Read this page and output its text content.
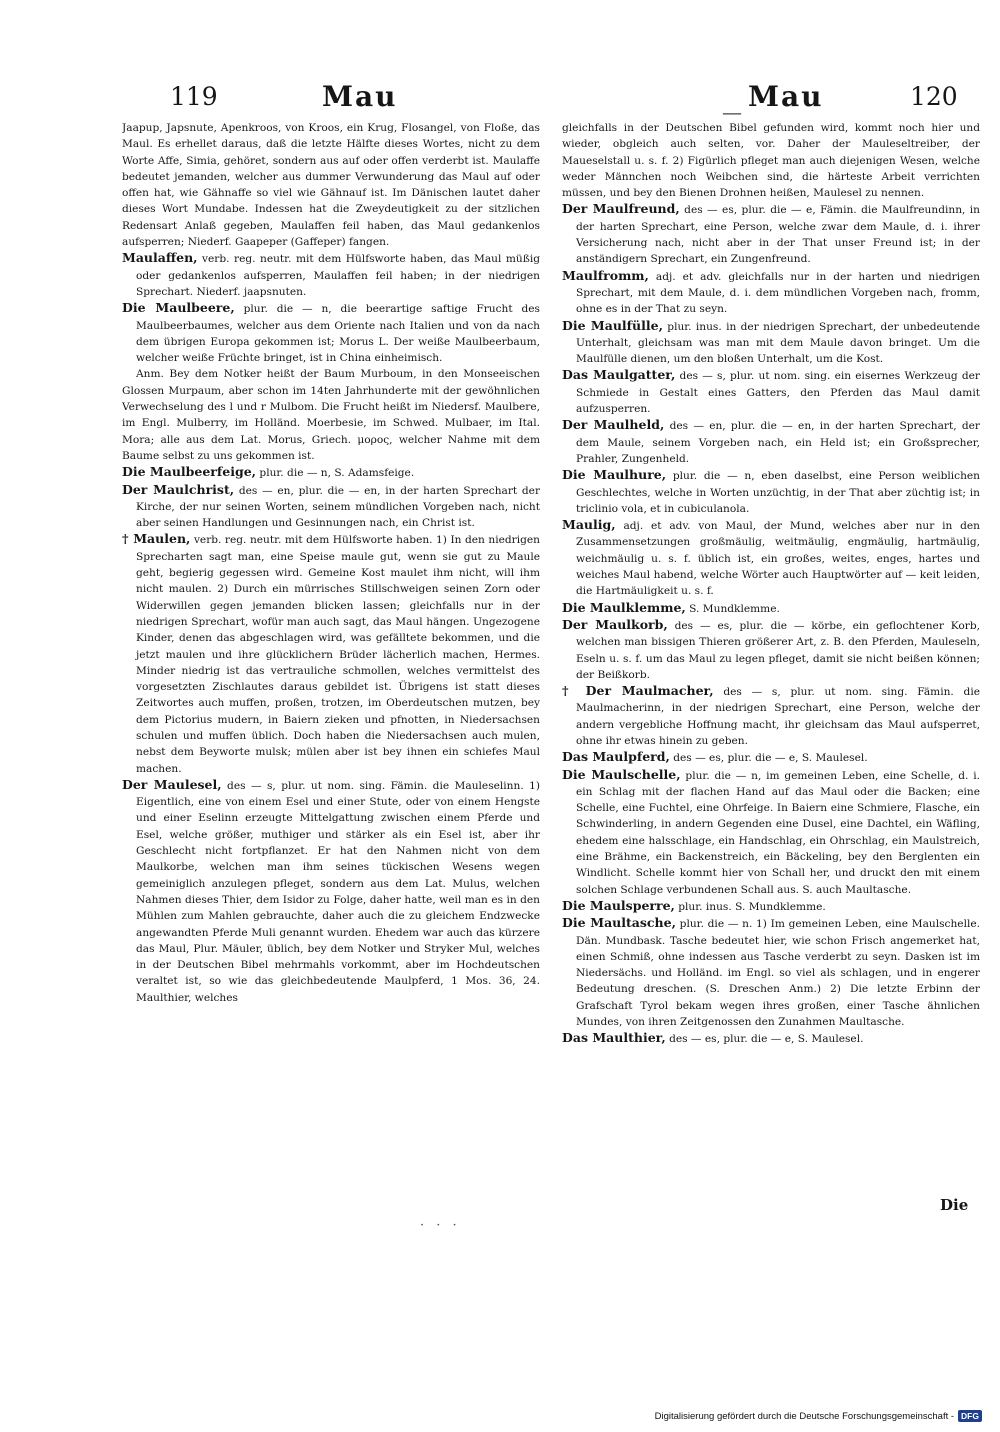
119	Mau	— Mau	120

Jaapup, Japsnute, Apenkroos, von Kroos, ein Krug, Flosangel, von Floße, das Maul. Es erhellet daraus, daß die letzte Hälfte dieses Wortes, nicht zu dem Worte Affe, Simia, gehöret, sondern aus auf oder offen verderbt ist. Maulaffe bedeutet jemanden, welcher aus dummer Verwunderung das Maul auf oder offen hat, wie Gähnaffe so viel wie Gähnauf ist. Im Dänischen lautet daher dieses Wort Mundabe. Indessen hat die Zweydeutigkeit zu der sitzlichen Redensart Anlaß gegeben, Maulaffen feil haben, das Maul gedankenlos aufsperren; Niederf. Gaapeper (Gaffeper) fangen.

Maulaffen, verb. reg. neutr. mit dem Hülfsworte haben, das Maul müßig oder gedankenlos aufsperren, Maulaffen feil haben; in der niedrigen Sprechart. Niederf. jaapsnuten.

Die Maulbeere, plur. die — n, die beerartige saftige Frucht des Maulbeerbaumes, welcher aus dem Oriente nach Italien und von da nach dem übrigen Europa gekommen ist; Morus L. Der weiße Maulbeerbaum, welcher weiße Früchte bringet, ist in China einheimisch.

Anm. Bey dem Notker heißt der Baum Murboum, in den Monseeischen Glossen Murpaum, aber schon im 14ten Jahrhunderte mit der gewöhnlichen Verwechselung des l und r Mulbom. Die Frucht heißt im Niedersf. Maulbere, im Engl. Mulberry, im Holländ. Moerbesie, im Schwed. Mulbaer, im Ital. Mora; alle aus dem Lat. Morus, Griech. μορος, welcher Nahme mit dem Baume selbst zu uns gekommen ist.

Die Maulbeerfeige, plur. die — n, S. Adamsfeige.

Der Maulchrist, des — en, plur. die — en, in der harten Sprechart der Kirche, der nur seinen Worten, seinem mündlichen Vorgeben nach, nicht aber seinen Handlungen und Gesinnungen nach, ein Christ ist.

† Maulen, verb. reg. neutr. mit dem Hülfsworte haben. 1) In den niedrigen Sprecharten sagt man, eine Speise maule gut, wenn sie gut zu Maule geht, begierig gegessen wird. Gemeine Kost maulet ihm nicht, will ihm nicht maulen. 2) Durch ein mürrisches Stillschweigen seinen Zorn oder Widerwillen gegen jemanden blicken lassen; gleichfalls nur in der niedrigen Sprechart, wofür man auch sagt, das Maul hängen. Ungezogene Kinder, denen das abgeschlagen wird, was gefälltete bekommen, und die jetzt maulen und ihre glücklichern Brüder lächerlich machen, Hermes. Minder niedrig ist das vertrauliche schmollen, welches vermittelst des vorgesetzten Zischlautes daraus gebildet ist. Übrigens ist statt dieses Zeitwortes auch muffen, proßen, trotzen, im Oberdeutschen mutzen, bey dem Pictorius mudern, in Baiern zieken und pfnotten, in Niedersachsen schulen und muffen üblich. Doch haben die Niedersachsen auch mulen, nebst dem Beyworte mulsk; mülen aber ist bey ihnen ein schiefes Maul machen.

Der Maulesel, des — s, plur. ut nom. sing. Fämin. die Mauleselinn. 1) Eigentlich, eine von einem Esel und einer Stute, oder von einem Hengste und einer Eselinn erzeugte Mittelgattung zwischen einem Pferde und Esel, welche größer, muthiger und stärker als ein Esel ist, aber ihr Geschlecht nicht fortpflanzet. Er hat den Nahmen nicht von dem Maulkorbe, welchen man ihm seines tückischen Wesens wegen gemeiniglich anzulegen pfleget, sondern aus dem Lat. Mulus, welchen Nahmen dieses Thier, dem Isidor zu Folge, daher hatte, weil man es in den Mühlen zum Mahlen gebrauchte, daher auch die zu gleichem Endzwecke angewandten Pferde Muli genannt wurden. Ehedem war auch das kürzere das Maul, Plur. Mäuler, üblich, bey dem Notker und Stryker Mul, welches in der Deutschen Bibel mehrmahls vorkommt, aber im Hochdeutschen veraltet ist, so wie das gleichbedeutende Maulpferd, 1 Mos. 36, 24. Maulthier, welches

gleichfalls in der Deutschen Bibel gefunden wird, kommt noch hier und wieder, obgleich auch selten, vor. Daher der Mauleseltreiber, der Maueselstall u. s. f. 2) Figürlich pfleget man auch diejenigen Wesen, welche weder Männchen noch Weibchen sind, die härteste Arbeit verrichten müssen, und bey den Bienen Drohnen heißen, Maulesel zu nennen.

Der Maulfreund, des — es, plur. die — e, Fämin. die Maulfreundinn, in der harten Sprechart, eine Person, welche zwar dem Maule, d. i. ihrer Versicherung nach, nicht aber in der That unser Freund ist; in der anständigern Sprechart, ein Zungenfreund.

Maulfromm, adj. et adv. gleichfalls nur in der harten und niedrigen Sprechart, mit dem Maule, d. i. dem mündlichen Vorgeben nach, fromm, ohne es in der That zu seyn.

Die Maulfülle, plur. inus. in der niedrigen Sprechart, der unbedeutende Unterhalt, gleichsam was man mit dem Maule davon bringet. Um die Maulfülle dienen, um den bloßen Unterhalt, um die Kost.

Das Maulgatter, des — s, plur. ut nom. sing. ein eisernes Werkzeug der Schmiede in Gestalt eines Gatters, den Pferden das Maul damit aufzusperren.

Der Maulheld, des — en, plur. die — en, in der harten Sprechart, der dem Maule, seinem Vorgeben nach, ein Held ist; ein Großsprecher, Prahler, Zungenheld.

Die Maulhure, plur. die — n, eben daselbst, eine Person weiblichen Geschlechtes, welche in Worten unzüchtig, in der That aber züchtig ist; in triclinio vola, et in cubiculanola.

Maulig, adj. et adv. von Maul, der Mund, welches aber nur in den Zusammensetzungen großmäulig, weitmäulig, engmäulig, hartmäulig, weichmäulig u. s. f. üblich ist, ein großes, weites, enges, hartes und weiches Maul habend, welche Wörter auch Hauptwörter auf — keit leiden, die Hartmäuligkeit u. s. f.

Die Maulklemme, S. Mundklemme.

Der Maulkorb, des — es, plur. die — körbe, ein geflochtener Korb, welchen man bissigen Thieren größerer Art, z. B. den Pferden, Mauleseln, Eseln u. s. f. um das Maul zu legen pfleget, damit sie nicht beißen können; der Beißkorb.

† Der Maulmacher, des — s, plur. ut nom. sing. Fämin. die Maulmacherinn, in der niedrigen Sprechart, eine Person, welche der andern vergebliche Hoffnung macht, ihr gleichsam das Maul aufsperret, ohne ihr etwas hinein zu geben.

Das Maulpferd, des — es, plur. die — e, S. Maulesel.

Die Maulschelle, plur. die — n, im gemeinen Leben, eine Schelle, d. i. ein Schlag mit der flachen Hand auf das Maul oder die Backen; eine Schelle, eine Fuchtel, eine Ohrfeige. In Baiern eine Schmiere, Flasche, ein Schwinderling, in andern Gegenden eine Dusel, eine Dachtel, ein Wäfling, ehedem eine halsschlage, ein Handschlag, ein Ohrschlag, ein Maulstreich, eine Brähme, ein Backenstreich, ein Bäckeling, bey den Berglenten ein Windlicht. Schelle kommt hier von Schall her, und druckt den mit einem solchen Schlage verbundenen Schall aus. S. auch Maultasche.

Die Maulsperre, plur. inus. S. Mundklemme.

Die Maultasche, plur. die — n. 1) Im gemeinen Leben, eine Maulschelle. Dän. Mundbask. Tasche bedeutet hier, wie schon Frisch angemerket hat, einen Schmiß, ohne indessen aus Tasche verderbt zu seyn. Dasken ist im Niedersächs. und Holländ. im Engl. so viel als schlagen, und in engerer Bedeutung dreschen. (S. Dreschen Anm.) 2) Die letzte Erbinn der Grafschaft Tyrol bekam wegen ihres großen, einer Tasche ähnlichen Mundes, von ihren Zeitgenossen den Zunahmen Maultasche.

Das Maulthier, des — es, plur. die — e, S. Maulesel.

Die
· · ·
Digitalisierung gefördert durch die Deutsche Forschungsgemeinschaft - DFG
